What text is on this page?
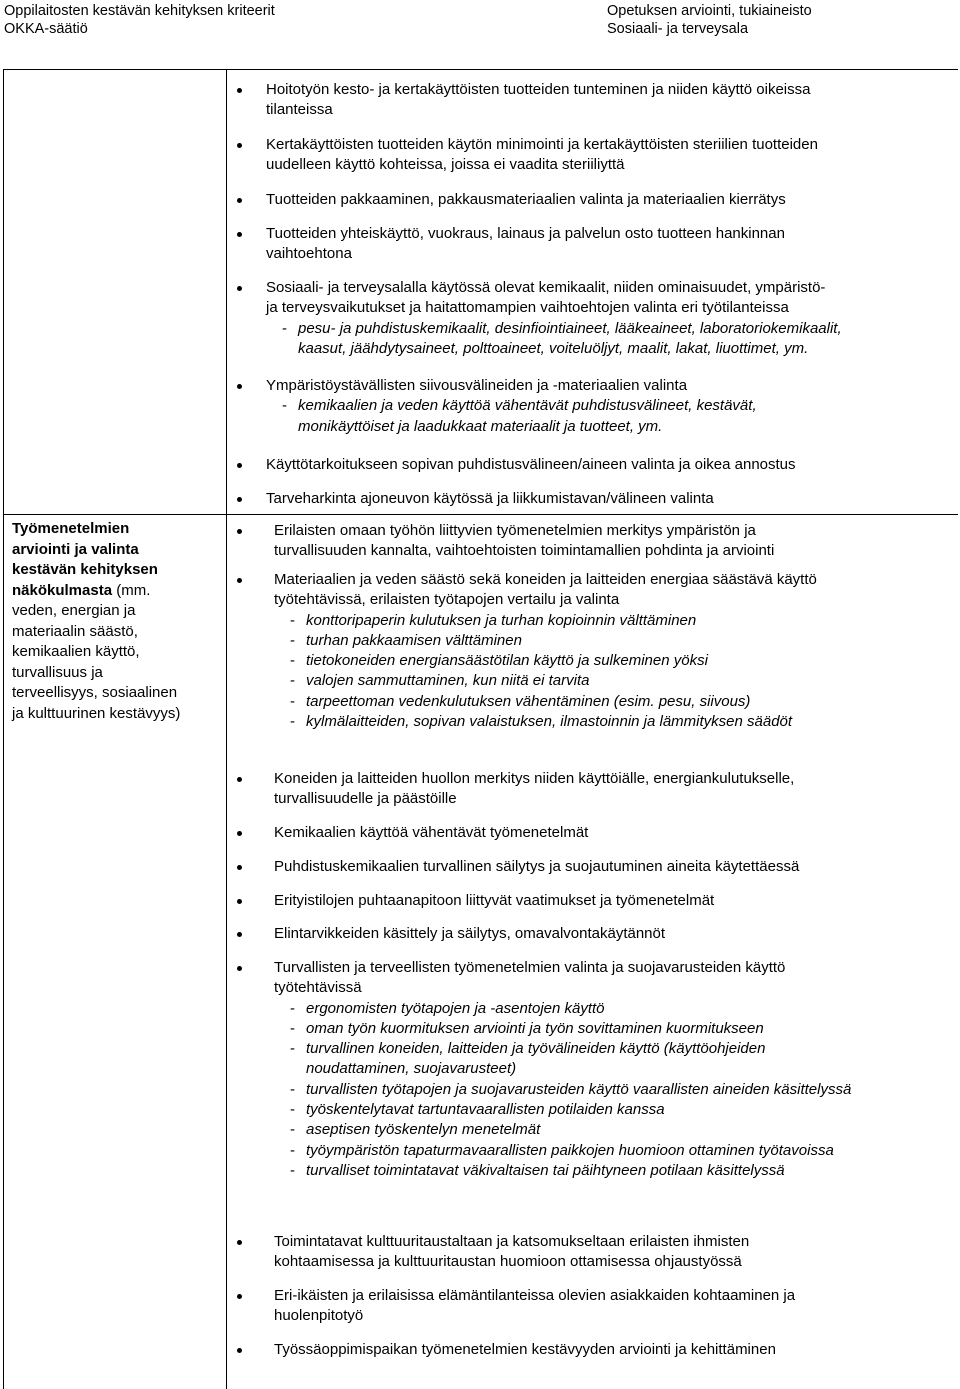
Oppilaitosten kestävän kehityksen kriteerit
OKKA-säätiö
Opetuksen arviointi, tukiaineisto
Sosiaali- ja terveysala
Työmenetelmien
arviointi ja valinta
kestävän kehityksen
näkökulmasta (mm.
veden, energian ja
materiaalin säästö,
kemikaalien käyttö,
turvallisuus ja
terveellisyys, sosiaalinen
ja kulttuurinen kestävyys)
Hoitotyön kesto- ja kertakäyttöisten tuotteiden tunteminen ja niiden käyttö oikeissa
tilanteissa
Kertakäyttöisten tuotteiden käytön minimointi ja kertakäyttöisten steriilien tuotteiden
uudelleen käyttö kohteissa, joissa ei vaadita steriiliyttä
Tuotteiden pakkaaminen, pakkausmateriaalien valinta ja materiaalien kierrätys
Tuotteiden yhteiskäyttö, vuokraus, lainaus ja palvelun osto tuotteen hankinnan
vaihtoehtona
Sosiaali- ja terveysalalla käytössä olevat kemikaalit, niiden ominaisuudet, ympäristö-
ja terveysvaikutukset ja haitattomampien vaihtoehtojen valinta eri työtilanteissa
- pesu- ja puhdistuskemikaalit, desinfiointiaineet, lääkeaineet, laboratoriokemikaalit,
kaasut, jäähdytysaineet, polttoaineet, voiteluöljyt, maalit, lakat, liuottimet, ym.
Ympäristöystävällisten siivousvälineiden ja -materiaalien valinta
- kemikaalien ja veden käyttöä vähentävät puhdistusvälineet, kestävät,
monikäyttöiset ja laadukkaat materiaalit ja tuotteet, ym.
Käyttötarkoitukseen sopivan puhdistusvälineen/aineen valinta ja oikea annostus
Tarveharkinta ajoneuvon käytössä ja liikkumistavan/välineen valinta
Erilaisten omaan työhön liittyvien työmenetelmien merkitys ympäristön ja
turvallisuuden kannalta, vaihtoehtoisten toimintamallien pohdinta ja arviointi
Materiaalien ja veden säästö sekä koneiden ja laitteiden energiaa säästävä käyttö
työtehtävissä, erilaisten työtapojen vertailu ja valinta
- konttoripaperin kulutuksen ja turhan kopioinnin välttäminen
- turhan pakkaamisen välttäminen
- tietokoneiden energiansäästötilan käyttö ja sulkeminen yöksi
- valojen sammuttaminen, kun niitä ei tarvita
- tarpeettoman vedenkulutuksen vähentäminen (esim. pesu, siivous)
- kylmälaitteiden, sopivan valaistuksen, ilmastoinnin ja lämmityksen säädöt
Koneiden ja laitteiden huollon merkitys niiden käyttöiälle, energiankulutukselle,
turvallisuudelle ja päästöille
Kemikaalien käyttöä vähentävät työmenetelmät
Puhdistuskemikaalien turvallinen säilytys ja suojautuminen aineita käytettäessä
Erityistilojen puhtaanapitoon liittyvät vaatimukset ja työmenetelmät
Elintarvikkeiden käsittely ja säilytys, omavalvontakäytännöt
Turvallisten ja terveellisten työmenetelmien valinta ja suojavarusteiden käyttö
työtehtävissä
- ergonomisten työtapojen ja -asentojen käyttö
- oman työn kuormituksen arviointi ja työn sovittaminen kuormitukseen
- turvallinen koneiden, laitteiden ja työvälineiden käyttö (käyttöohjeiden
noudattaminen, suojavarusteet)
- turvallisten työtapojen ja suojavarusteiden käyttö vaarallisten aineiden käsittelyssä
- työskentelytavat tartuntavaarallisten potilaiden kanssa
- aseptisen työskentelyn menetelmät
- työympäristön tapaturmavaarallisten paikkojen huomioon ottaminen työtavoissa
- turvalliset toimintatavat väkivaltaisen tai päihtyneen potilaan käsittelyssä
Toimintatavat kulttuuritaustaltaan ja katsomukseltaan erilaisten ihmisten
kohtaamisessa ja kulttuuritaustan huomioon ottamisessa ohjaustyössä
Eri-ikäisten ja erilaisissa elämäntilanteissa olevien asiakkaiden kohtaaminen ja
huolenpitotyö
Työssäoppimispaikan työmenetelmien kestävyyden arviointi ja kehittäminen
